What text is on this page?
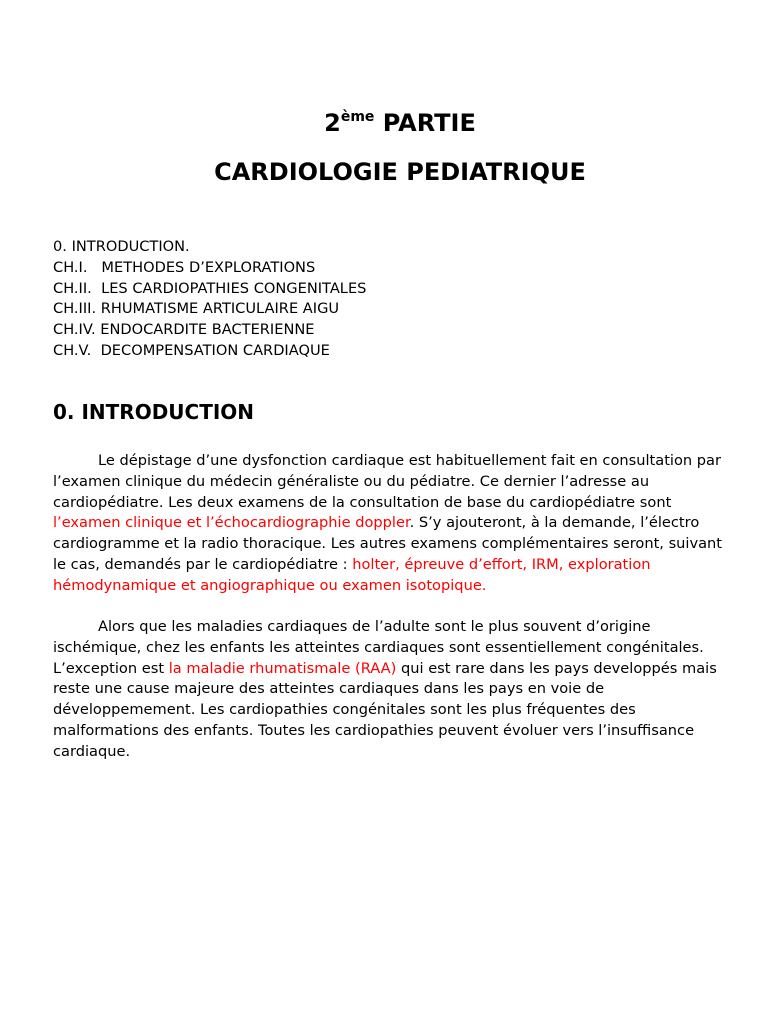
2ème PARTIE
CARDIOLOGIE PEDIATRIQUE
0. INTRODUCTION.
CH.I.   METHODES D’EXPLORATIONS
CH.II.  LES CARDIOPATHIES CONGENITALES
CH.III. RHUMATISME ARTICULAIRE AIGU
CH.IV. ENDOCARDITE BACTERIENNE
CH.V.  DECOMPENSATION CARDIAQUE
0. INTRODUCTION

Le dépistage d’une dysfonction cardiaque est habituellement fait en consultation par
l’examen clinique du médecin généraliste ou du pédiatre. Ce dernier l’adresse au
cardiopédiatre. Les deux examens de la consultation de base du cardiopédiatre sont
l’examen clinique et l’échocardiographie doppler. S’y ajouteront, à la demande, l’électro
cardiogramme et la radio thoracique. Les autres examens complémentaires seront, suivant
le cas, demandés par le cardiopédiatre : holter, épreuve d’effort, IRM, exploration
hémodynamique et angiographique ou examen isotopique.

Alors que les maladies cardiaques de l’adulte sont le plus souvent d’origine
ischémique, chez les enfants les atteintes cardiaques sont essentiellement congénitales.
L’exception est la maladie rhumatismale (RAA) qui est rare dans les pays developpés mais
reste une cause majeure des atteintes cardiaques dans les pays en voie de
développemement. Les cardiopathies congénitales sont les plus fréquentes des
malformations des enfants. Toutes les cardiopathies peuvent évoluer vers l’insuffisance
cardiaque.
